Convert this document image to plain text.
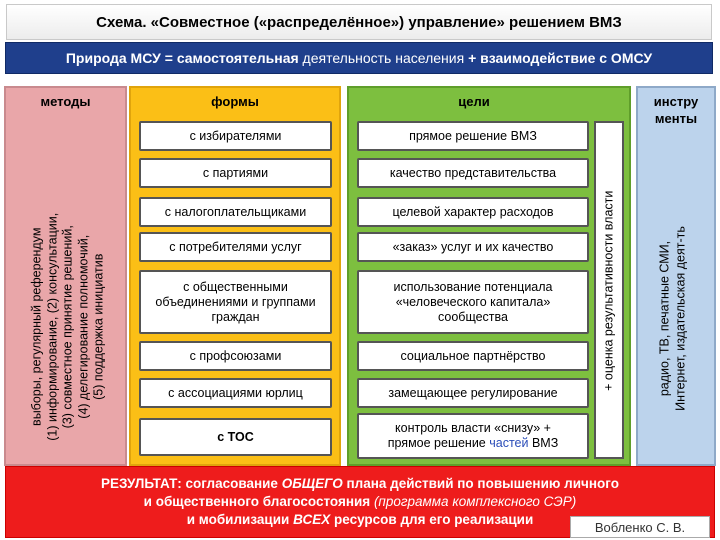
Схема. «Совместное («распределённое») управление» решением ВМЗ
Природа МСУ = самостоятельная
деятельность населения
+ взаимодействие с ОМСУ
методы
выборы, регулярный референдум (1) информирование, (2) консультации, (3) совместное принятие решений, (4) делегирование полномочий, (5) поддержка инициатив
формы
с избирателями
с партиями
с налогоплательщиками
с потребителями услуг
с общественными объединениями и группами граждан
с профсоюзами
с ассоциациями юрлиц
с ТОС
цели
прямое решение ВМЗ
качество представительства
целевой характер расходов
«заказ» услуг и их качество
использование потенциала «человеческого капитала» сообщества
социальное партнёрство
замещающее регулирование
контроль власти «снизу» +
прямое решение частей ВМЗ
+ оценка результативности власти
инстру менты
радио, ТВ, печатные СМИ, Интернет, издательская деят-ть
РЕЗУЛЬТАТ: согласование ОБЩЕГО плана действий по повышению личного
и общественного благосостояния (программа комплексного СЭР)
и мобилизации ВСЕХ ресурсов для его реализации	Вобленко С. В.
